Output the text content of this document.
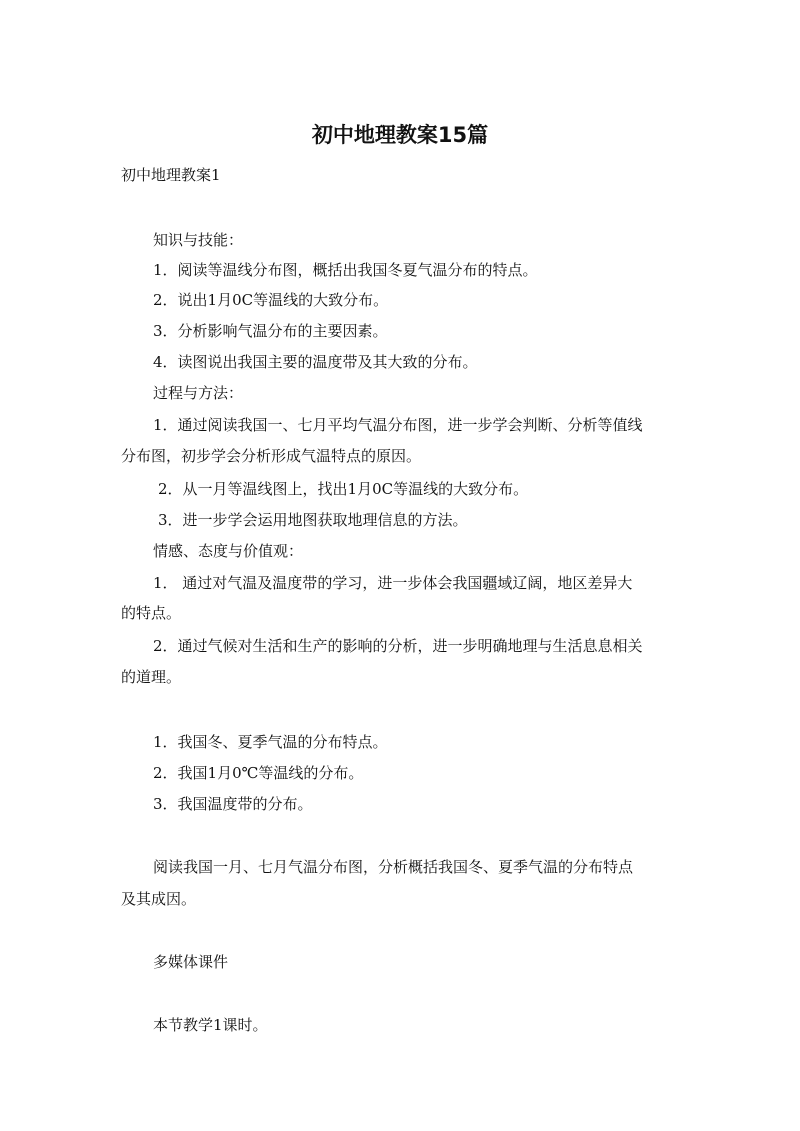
初中地理教案15篇

初中地理教案1

知识与技能：

1．阅读等温线分布图，概括出我国冬夏气温分布的特点。

2．说出1月0C等温线的大致分布。

3．分析影响气温分布的主要因素。

4．读图说出我国主要的温度带及其大致的分布。

过程与方法：

1．通过阅读我国一、七月平均气温分布图，进一步学会判断、分析等值线

分布图，初步学会分析形成气温特点的原因。

2．从一月等温线图上，找出1月0C等温线的大致分布。

3．进一步学会运用地图获取地理信息的方法。

情感、态度与价值观：

1． 通过对气温及温度带的学习，进一步体会我国疆域辽阔，地区差异大

的特点。

2．通过气候对生活和生产的影响的分析，进一步明确地理与生活息息相关

的道理。

1．我国冬、夏季气温的分布特点。

2．我国1月0℃等温线的分布。

3．我国温度带的分布。

阅读我国一月、七月气温分布图，分析概括我国冬、夏季气温的分布特点

及其成因。

多媒体课件

本节教学1课时。
